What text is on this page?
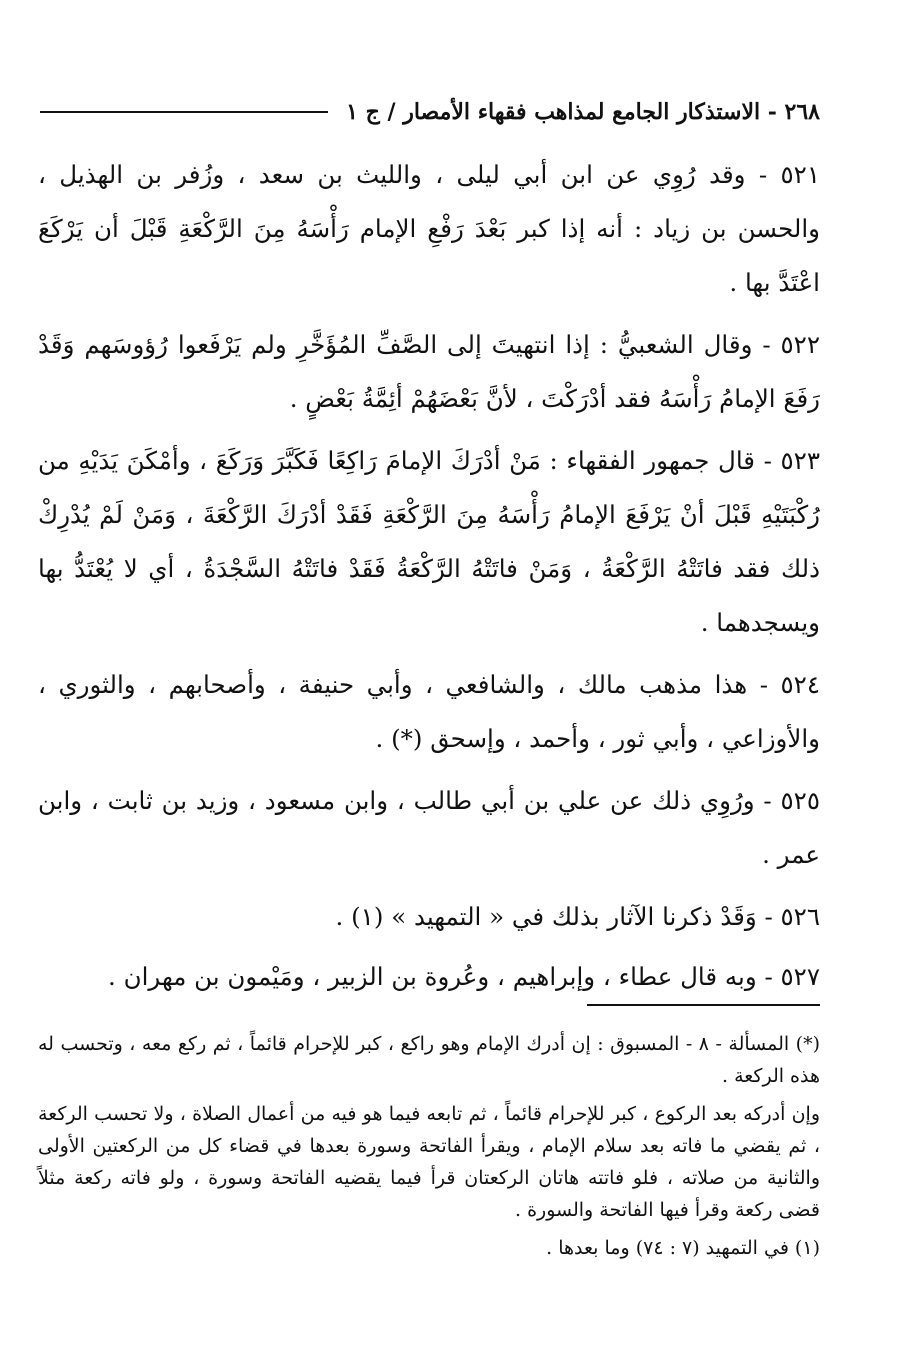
٢٦٨ - الاستذكار الجامع لمذاهب فقهاء الأمصار / ج ١

٥٢١ - وقد رُوِي عن ابن أبي ليلى ، والليث بن سعد ، وزُفر بن الهذيل ، والحسن بن زياد : أنه إذا كبر بَعْدَ رَفْعِ الإمام رَأْسَهُ مِنَ الرَّكْعَةِ قَبْلَ أن يَرْكَعَ اعْتَدَّ بها .

٥٢٢ - وقال الشعبيُّ : إذا انتهيتَ إلى الصَّفِّ المُؤَخَّرِ ولم يَرْفَعوا رُؤوسَهم وَقَدْ رَفَعَ الإمامُ رَأْسَهُ فقد أدْرَكْتَ ، لأنَّ بَعْضَهُمْ أئِمَّةُ بَعْضٍ .

٥٢٣ - قال جمهور الفقهاء : مَنْ أدْرَكَ الإمامَ رَاكِعًا فَكَبَّرَ وَرَكَعَ ، وأمْكَنَ يَدَيْهِ من رُكْبَتَيْهِ قَبْلَ أنْ يَرْفَعَ الإمامُ رَأْسَهُ مِنَ الرَّكْعَةِ فَقَدْ أدْرَكَ الرَّكْعَةَ ، وَمَنْ لَمْ يُدْرِكْ ذلك فقد فاتَتْهُ الرَّكْعَةُ ، وَمَنْ فاتَتْهُ الرَّكْعَةُ فَقَدْ فاتَتْهُ السَّجْدَةُ ، أي لا يُعْتَدُّ بها ويسجدهما .

٥٢٤ - هذا مذهب مالك ، والشافعي ، وأبي حنيفة ، وأصحابهم ، والثوري ، والأوزاعي ، وأبي ثور ، وأحمد ، وإسحق (*) .

٥٢٥ - ورُوِي ذلك عن علي بن أبي طالب ، وابن مسعود ، وزيد بن ثابت ، وابن عمر .

٥٢٦ - وَقَدْ ذكرنا الآثار بذلك في « التمهيد » (١) .

٥٢٧ - وبه قال عطاء ، وإبراهيم ، وعُروة بن الزبير ، ومَيْمون بن مهران .

(*) المسألة - ٨ - المسبوق : إن أدرك الإمام وهو راكع ، كبر للإحرام قائماً ، ثم ركع معه ، وتحسب له هذه الركعة .

وإن أدركه بعد الركوع ، كبر للإحرام قائماً ، ثم تابعه فيما هو فيه من أعمال الصلاة ، ولا تحسب الركعة ، ثم يقضي ما فاته بعد سلام الإمام ، ويقرأ الفاتحة وسورة بعدها في قضاء كل من الركعتين الأولى والثانية من صلاته ، فلو فاتته هاتان الركعتان قرأ فيما يقضيه الفاتحة وسورة ، ولو فاته ركعة مثلاً قضى ركعة وقرأ فيها الفاتحة والسورة .

(١) في التمهيد (٧ : ٧٤) وما بعدها .
